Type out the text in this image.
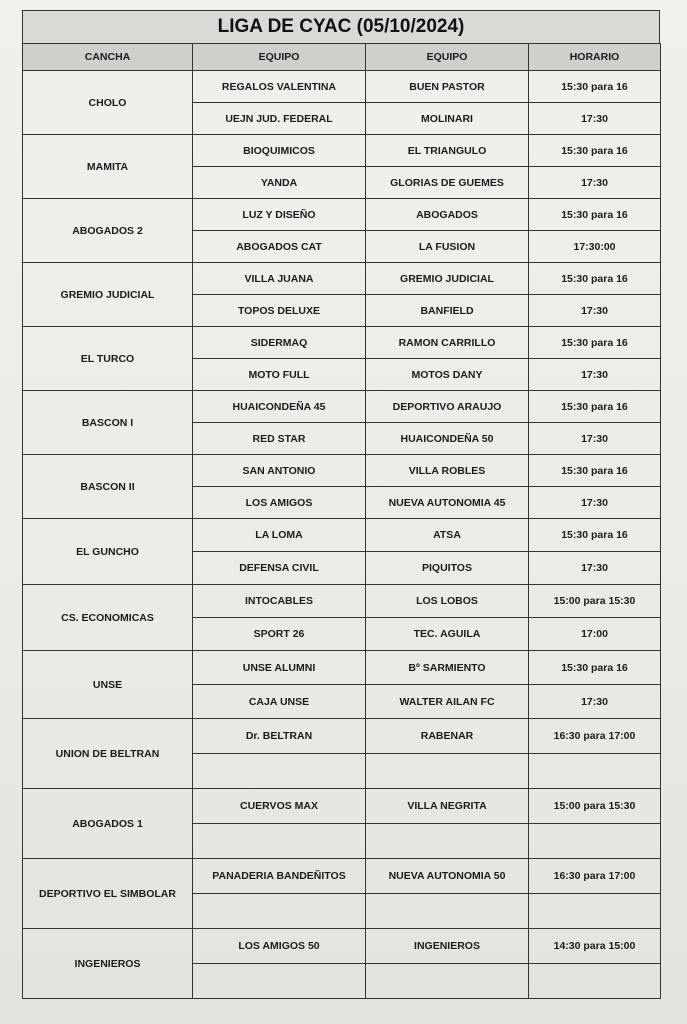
LIGA DE CYAC (05/10/2024)
CANCHA	EQUIPO	EQUIPO	HORARIO
CHOLO	REGALOS VALENTINA	BUEN PASTOR	15:30 para 16
	UEJN JUD. FEDERAL	MOLINARI	17:30
MAMITA	BIOQUIMICOS	EL TRIANGULO	15:30 para 16
	YANDA	GLORIAS DE GUEMES	17:30
ABOGADOS 2	LUZ Y DISEÑO	ABOGADOS	15:30 para 16
	ABOGADOS CAT	LA FUSION	17:30:00
GREMIO JUDICIAL	VILLA JUANA	GREMIO JUDICIAL	15:30 para 16
	TOPOS DELUXE	BANFIELD	17:30
EL TURCO	SIDERMAQ	RAMON CARRILLO	15:30 para 16
	MOTO FULL	MOTOS DANY	17:30
BASCON I	HUAICONDEÑA 45	DEPORTIVO ARAUJO	15:30 para 16
	RED STAR	HUAICONDEÑA 50	17:30
BASCON II	SAN ANTONIO	VILLA ROBLES	15:30 para 16
	LOS AMIGOS	NUEVA AUTONOMIA 45	17:30
EL GUNCHO	LA LOMA	ATSA	15:30 para 16
	DEFENSA CIVIL	PIQUITOS	17:30
CS. ECONOMICAS	INTOCABLES	LOS LOBOS	15:00 para 15:30
	SPORT 26	TEC. AGUILA	17:00
UNSE	UNSE ALUMNI	Bº SARMIENTO	15:30 para 16
	CAJA UNSE	WALTER AILAN FC	17:30
UNION DE BELTRAN	Dr. BELTRAN	RABENAR	16:30 para 17:00

ABOGADOS 1	CUERVOS MAX	VILLA NEGRITA	15:00 para 15:30

DEPORTIVO EL SIMBOLAR	PANADERIA BANDEÑITOS	NUEVA AUTONOMIA 50	16:30 para 17:00

INGENIEROS	LOS AMIGOS 50	INGENIEROS	14:30 para 15:00
